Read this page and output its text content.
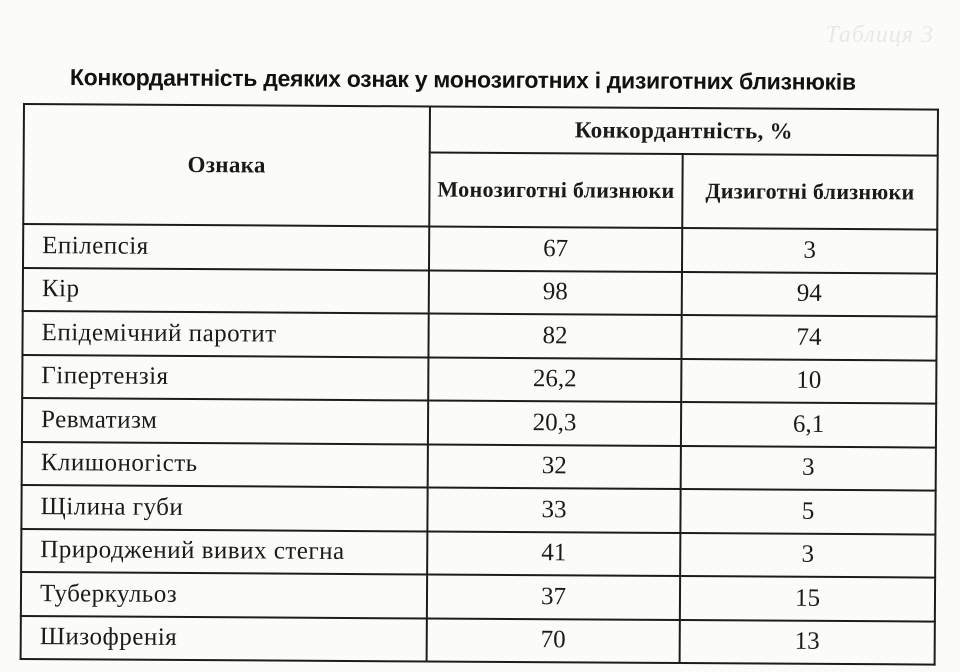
Таблиця 3
Конкордантність деяких ознак у монозиготних і дизиготних близнюків
Ознака	Конкордантність, %	
	Монозиготні близнюки	Дизиготні близнюки
Епілепсія	67	3
Кір	98	94
Епідемічний паротит	82	74
Гіпертензія	26,2	10
Ревматизм	20,3	6,1
Клишоногість	32	3
Щілина губи	33	5
Природжений вивих стегна	41	3
Туберкульоз	37	15
Шизофренія	70	13
